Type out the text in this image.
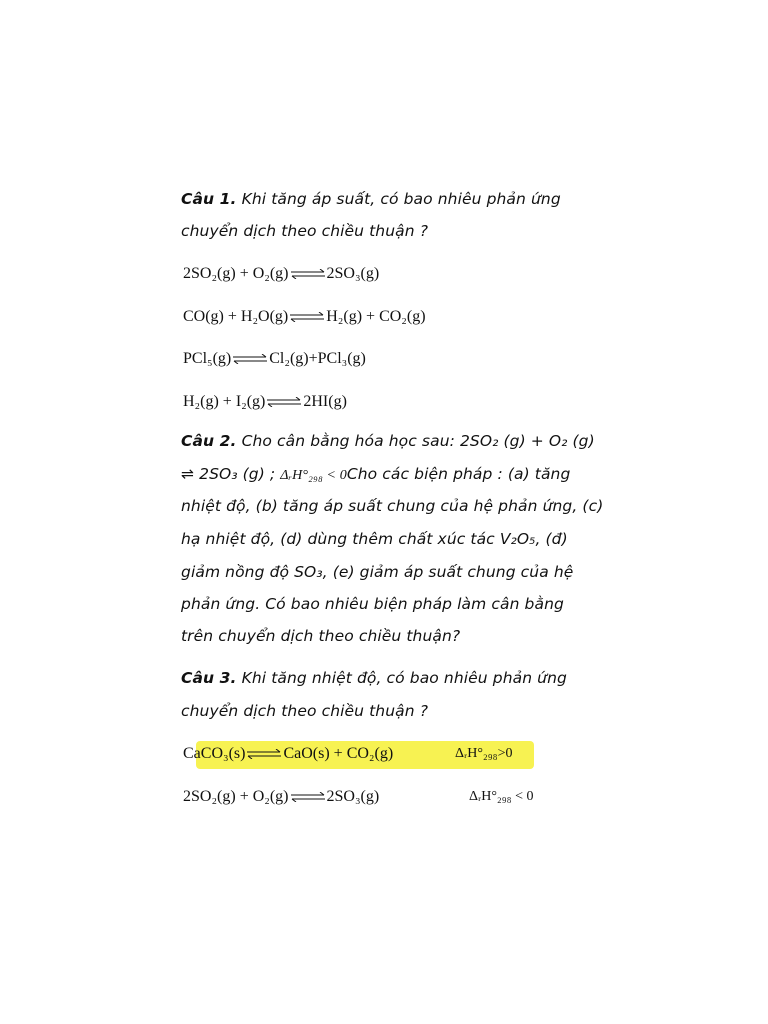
Câu 1. Khi tăng áp suất, có bao nhiêu phản ứng
chuyển dịch theo chiều thuận ?
2SO₂(g) + O₂(g)⇌2SO₃(g)
CO(g) + H₂O(g)⇌H₂(g) + CO₂(g)
PCl₅(g)⇌Cl₂(g)+PCl₃(g)
H₂(g) + I₂(g)⇌2HI(g)
Câu 2. Cho cân bằng hóa học sau: 2SO₂ (g) + O₂ (g)
⇌ 2SO₃ (g) ; ΔᵣH°₂₉₈ < 0Cho các biện pháp : (a) tăng
nhiệt độ, (b) tăng áp suất chung của hệ phản ứng, (c)
hạ nhiệt độ, (d) dùng thêm chất xúc tác V₂O₅, (đ)
giảm nồng độ SO₃, (e) giảm áp suất chung của hệ
phản ứng. Có bao nhiêu biện pháp làm cân bằng
trên chuyển dịch theo chiều thuận?
Câu 3. Khi tăng nhiệt độ, có bao nhiêu phản ứng
chuyển dịch theo chiều thuận ?
CaCO₃(s)⇌CaO(s) + CO₂(g)	ΔᵣH°₂₉₈>0
2SO₂(g) + O₂(g)⇌2SO₃(g)	ΔᵣH°₂₉₈ < 0
